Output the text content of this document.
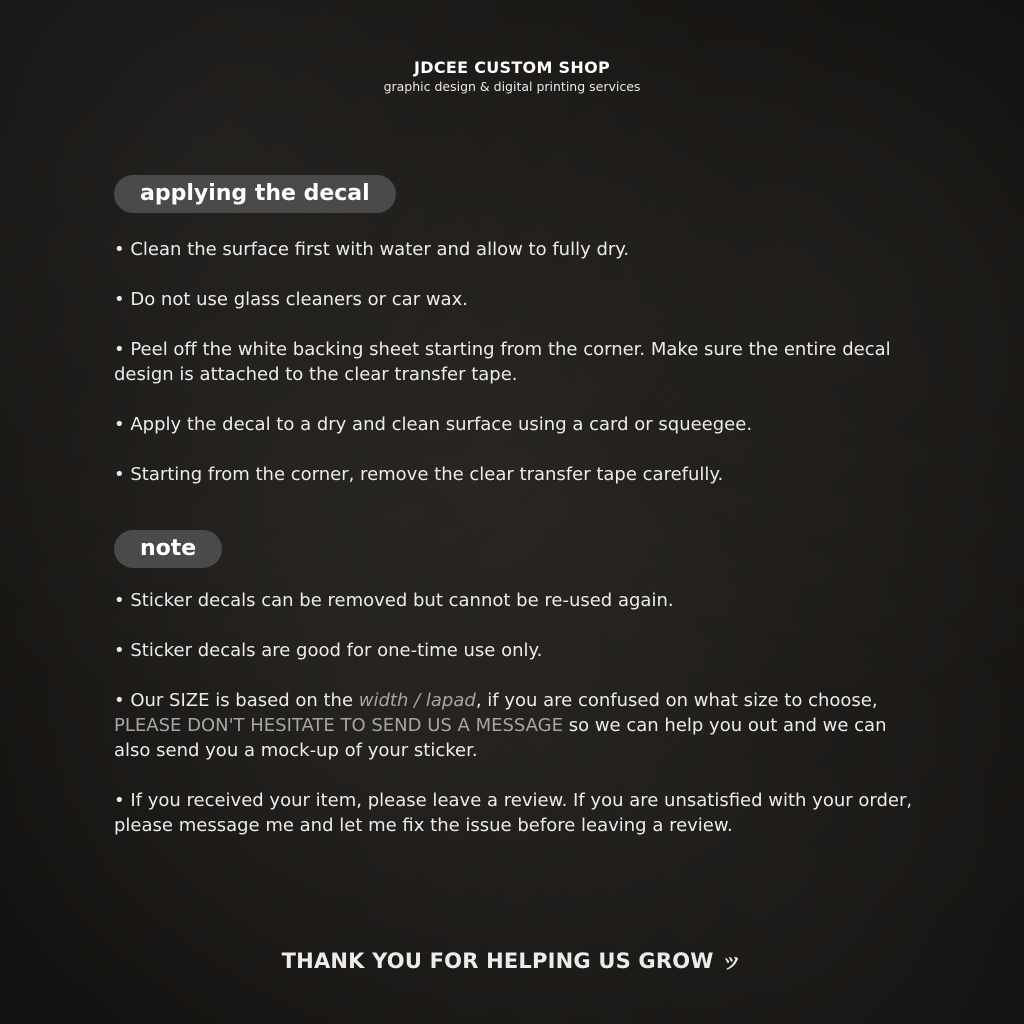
JDCEE CUSTOM SHOP
graphic design & digital printing services
applying the decal
• Clean the surface first with water and allow to fully dry.
• Do not use glass cleaners or car wax.
• Peel off the white backing sheet starting from the corner. Make sure the entire decal design is attached to the clear transfer tape.
• Apply the decal to a dry and clean surface using a card or squeegee.
• Starting from the corner, remove the clear transfer tape carefully.
note
• Sticker decals can be removed but cannot be re-used again.
• Sticker decals are good for one-time use only.
• Our SIZE is based on the width / lapad, if you are confused on what size to choose, PLEASE DON'T HESITATE TO SEND US A MESSAGE so we can help you out and we can also send you a mock-up of your sticker.
• If you received your item, please leave a review. If you are unsatisfied with your order, please message me and let me fix the issue before leaving a review.
THANK YOU FOR HELPING US GROW ッ
